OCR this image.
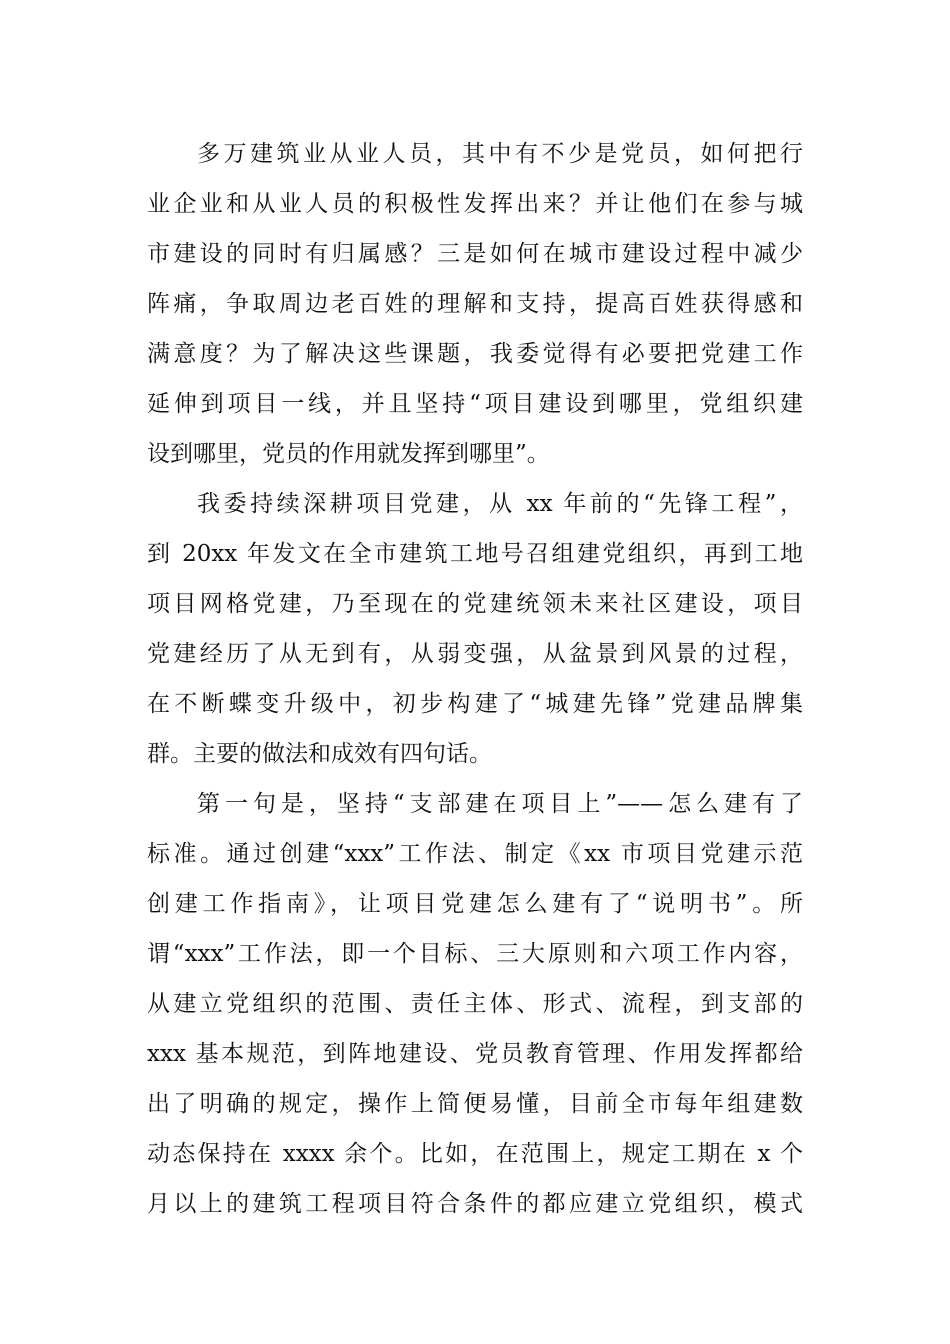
多万建筑业从业人员，其中有不少是党员，如何把行
业企业和从业人员的积极性发挥出来？并让他们在参与城
市建设的同时有归属感？三是如何在城市建设过程中减少
阵痛，争取周边老百姓的理解和支持，提高百姓获得感和
满意度？为了解决这些课题，我委觉得有必要把党建工作
延伸到项目一线，并且坚持“项目建设到哪里，党组织建
设到哪里，党员的作用就发挥到哪里”。
我委持续深耕项目党建，从 xx 年前的“先锋工程”，
到 20xx 年发文在全市建筑工地号召组建党组织，再到工地
项目网格党建，乃至现在的党建统领未来社区建设，项目
党建经历了从无到有，从弱变强，从盆景到风景的过程，
在不断蝶变升级中，初步构建了“城建先锋”党建品牌集
群。主要的做法和成效有四句话。
第一句是，坚持“支部建在项目上”——怎么建有了
标准。通过创建“xxx”工作法、制定《xx 市项目党建示范
创建工作指南》，让项目党建怎么建有了“说明书”。所
谓“xxx”工作法，即一个目标、三大原则和六项工作内容，
从建立党组织的范围、责任主体、形式、流程，到支部的
xxx 基本规范，到阵地建设、党员教育管理、作用发挥都给
出了明确的规定，操作上简便易懂，目前全市每年组建数
动态保持在 xxxx 余个。比如，在范围上，规定工期在 x 个
月以上的建筑工程项目符合条件的都应建立党组织，模式
